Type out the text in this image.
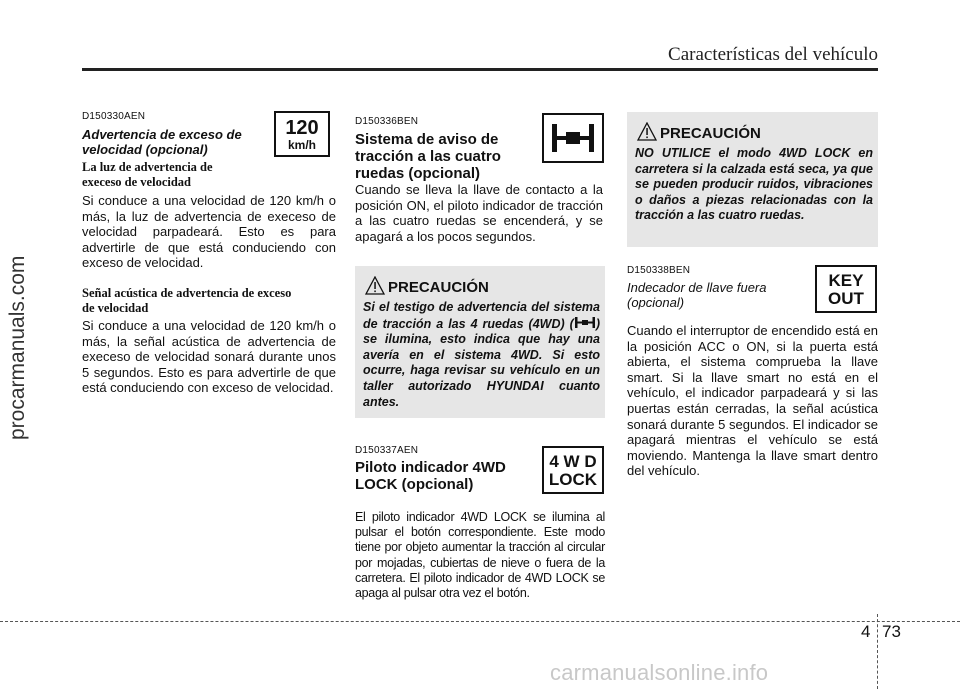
Características del vehículo
procarmanuals.com
D150330AEN
Advertencia de exceso de
velocidad (opcional)
120
km/h
La luz de advertencia de
execeso de velocidad
Si conduce a una velocidad de 120 km/h o más, la luz de advertencia de execeso de velocidad parpadeará. Esto es para advertirle de que está conduciendo con exceso de velocidad.
Señal acústica de advertencia de exceso
de velocidad
Si conduce a una velocidad de 120 km/h o más, la señal acústica de advertencia de execeso de velocidad sonará durante unos 5 segundos. Esto es para advertirle de que está conduciendo con exceso de velocidad.
D150336BEN
Sistema de aviso de
tracción a las cuatro
ruedas (opcional)
Cuando se lleva la llave de contacto a la posición ON, el piloto indicador de tracción a las cuatro ruedas se encenderá, y se apagará a los pocos segundos.
PRECAUCIÓN
Si el testigo de advertencia del sistema de tracción a las 4 ruedas (4WD) ( ) se ilumina, esto indica que hay una avería en el sistema 4WD. Si esto ocurre, haga revisar su vehículo en un taller autorizado HYUNDAI cuanto antes.
D150337AEN
Piloto indicador 4WD
LOCK (opcional)
4 W D
LOCK
El piloto indicador 4WD LOCK se ilumina al pulsar el botón correspondiente. Este modo tiene por objeto aumentar la tracción al circular por mojadas, cubiertas de nieve o fuera de la carretera. El piloto indicador de 4WD LOCK se apaga al pulsar otra vez el botón.
PRECAUCIÓN
NO UTILICE el modo 4WD LOCK en carretera si la calzada está seca, ya que se pueden producir ruidos, vibraciones o daños a piezas relacionadas con la tracción a las cuatro ruedas.
D150338BEN
Indecador de llave fuera
(opcional)
KEY
OUT
Cuando el interruptor de encendido está en la posición ACC o ON, si la puerta está abierta, el sistema comprueba la llave smart. Si la llave smart no está en el vehículo, el indicador parpadeará y si las puertas están cerradas, la señal acústica sonará durante 5 segundos. El indicador se apagará mientras el vehículo se está moviendo. Mantenga la llave smart dentro del vehículo.
4 73
carmanualsonline.info
